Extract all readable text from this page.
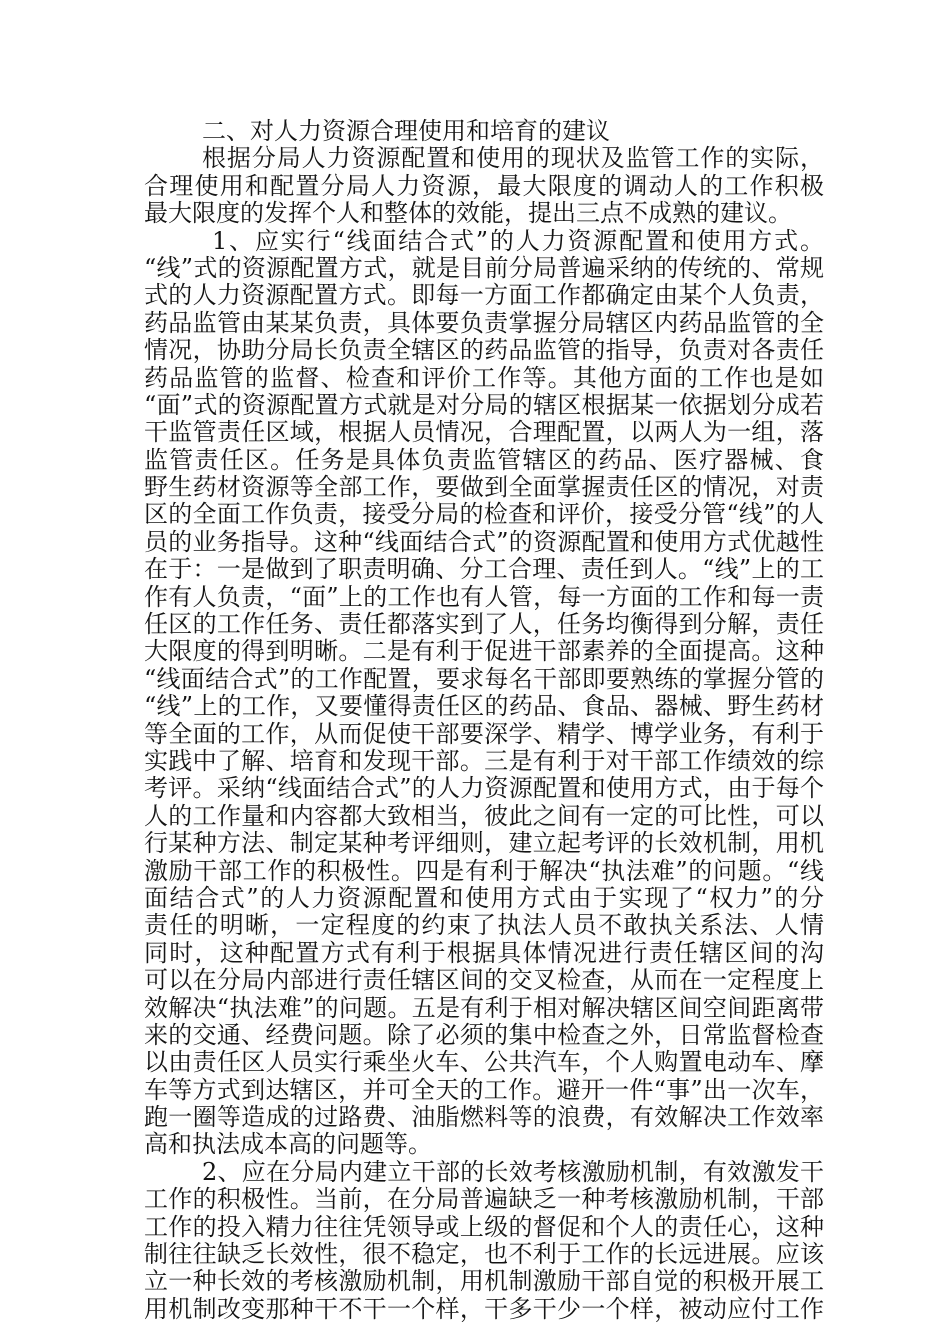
二、对人力资源合理使用和培育的建议
根据分局人力资源配置和使用的现状及监管工作的实际，
合理使用和配置分局人力资源，最大限度的调动人的工作积极
最大限度的发挥个人和整体的效能，提出三点不成熟的建议。
1、应实行“线面结合式”的人力资源配置和使用方式。
“线”式的资源配置方式，就是目前分局普遍采纳的传统的、常规
式的人力资源配置方式。即每一方面工作都确定由某个人负责，
药品监管由某某负责，具体要负责掌握分局辖区内药品监管的全
情况，协助分局长负责全辖区的药品监管的指导，负责对各责任
药品监管的监督、检查和评价工作等。其他方面的工作也是如
“面”式的资源配置方式就是对分局的辖区根据某一依据划分成若
干监管责任区域，根据人员情况，合理配置，以两人为一组，落
监管责任区。任务是具体负责监管辖区的药品、医疗器械、食
野生药材资源等全部工作，要做到全面掌握责任区的情况，对责
区的全面工作负责，接受分局的检查和评价，接受分管“线”的人
员的业务指导。这种“线面结合式”的资源配置和使用方式优越性
在于：一是做到了职责明确、分工合理、责任到人。“线”上的工
作有人负责，“面”上的工作也有人管，每一方面的工作和每一责
任区的工作任务、责任都落实到了人，任务均衡得到分解，责任
大限度的得到明晰。二是有利于促进干部素养的全面提高。这种
“线面结合式”的工作配置，要求每名干部即要熟练的掌握分管的
“线”上的工作，又要懂得责任区的药品、食品、器械、野生药材
等全面的工作，从而促使干部要深学、精学、博学业务，有利于
实践中了解、培育和发现干部。三是有利于对干部工作绩效的综
考评。采纳“线面结合式”的人力资源配置和使用方式，由于每个
人的工作量和内容都大致相当，彼此之间有一定的可比性，可以
行某种方法、制定某种考评细则，建立起考评的长效机制，用机
激励干部工作的积极性。四是有利于解决“执法难”的问题。“线
面结合式”的人力资源配置和使用方式由于实现了“权力”的分
责任的明晰，一定程度的约束了执法人员不敢执关系法、人情
同时，这种配置方式有利于根据具体情况进行责任辖区间的沟
可以在分局内部进行责任辖区间的交叉检查，从而在一定程度上
效解决“执法难”的问题。五是有利于相对解决辖区间空间距离带
来的交通、经费问题。除了必须的集中检查之外，日常监督检查
以由责任区人员实行乘坐火车、公共汽车，个人购置电动车、摩
车等方式到达辖区，并可全天的工作。避开一件“事”出一次车，
跑一圈等造成的过路费、油脂燃料等的浪费，有效解决工作效率
高和执法成本高的问题等。
2、应在分局内建立干部的长效考核激励机制，有效激发干
工作的积极性。当前，在分局普遍缺乏一种考核激励机制，干部
工作的投入精力往往凭领导或上级的督促和个人的责任心，这种
制往往缺乏长效性，很不稳定，也不利于工作的长远进展。应该
立一种长效的考核激励机制，用机制激励干部自觉的积极开展工
用机制改变那种干不干一个样，干多干少一个样，被动应付工作
